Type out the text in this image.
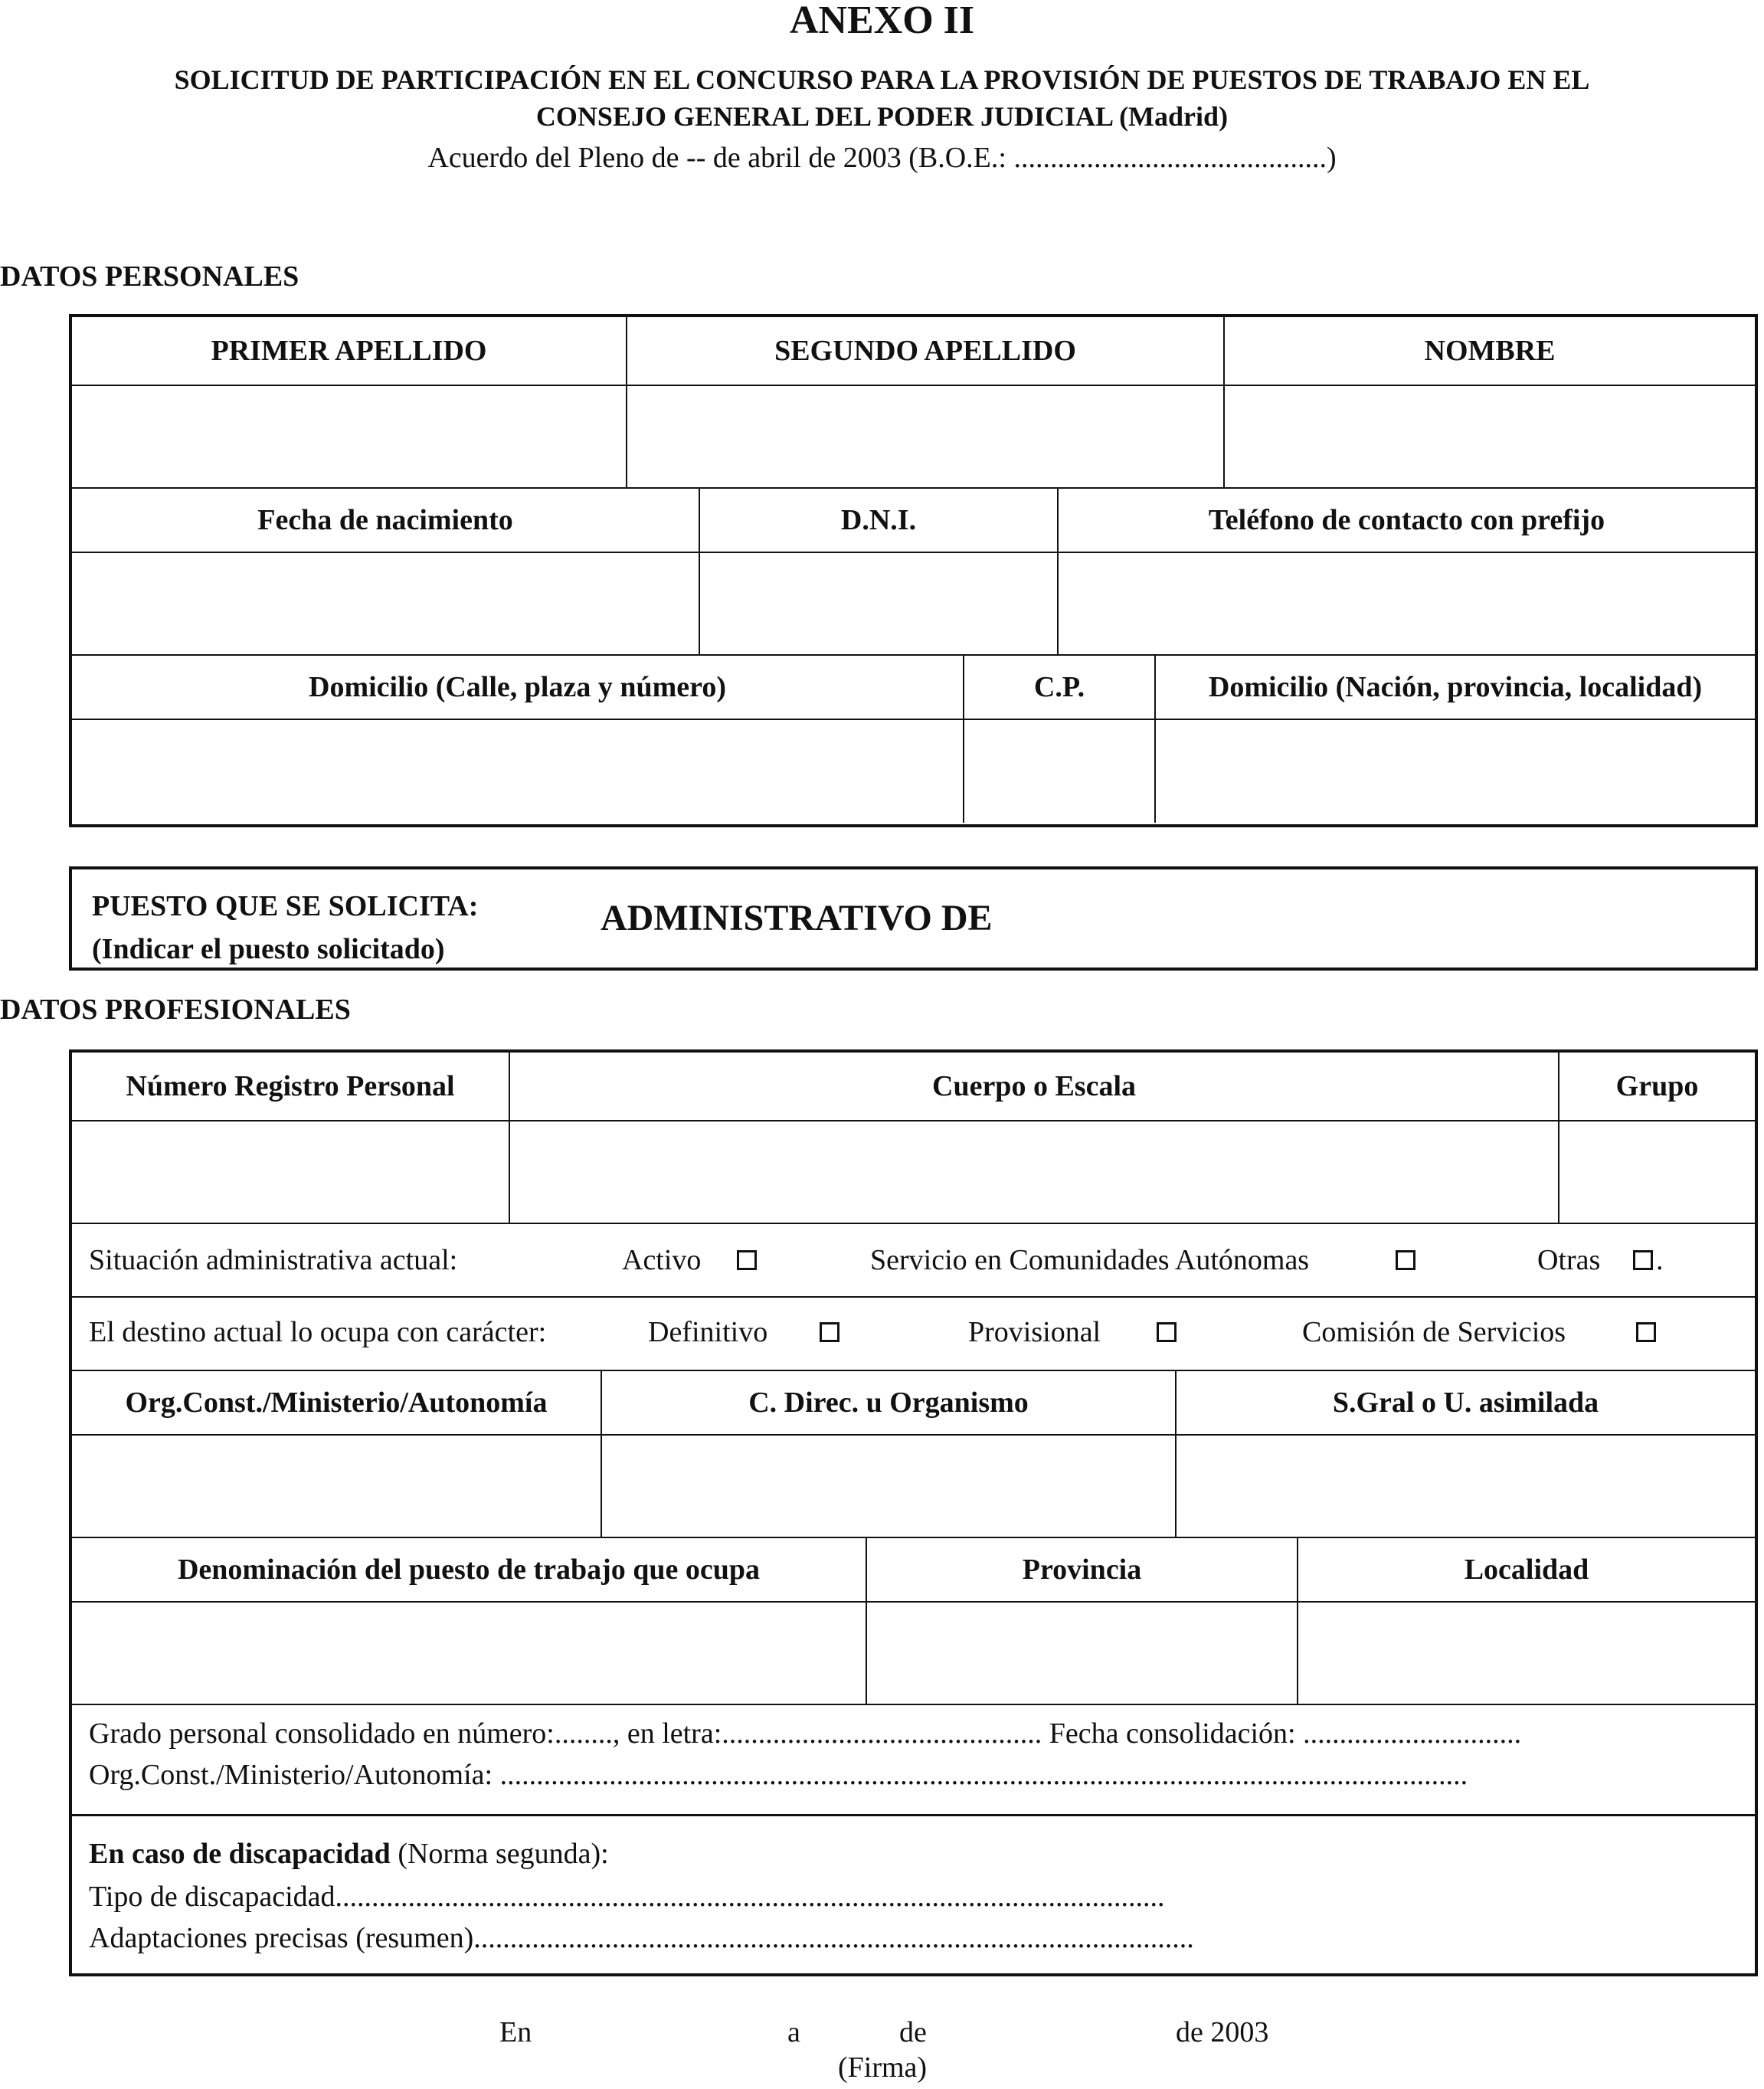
ANEXO II
SOLICITUD DE PARTICIPACIÓN EN EL CONCURSO PARA LA PROVISIÓN DE PUESTOS DE TRABAJO EN EL
CONSEJO GENERAL DEL PODER JUDICIAL (Madrid)
Acuerdo del Pleno de -- de abril de 2003 (B.O.E.: ...........................................)
DATOS PERSONALES
PRIMER APELLIDO	SEGUNDO APELLIDO	NOMBRE
Fecha de nacimiento	D.N.I.	Teléfono de contacto con prefijo
Domicilio (Calle, plaza y número)	C.P.	Domicilio (Nación, provincia, localidad)
PUESTO QUE SE SOLICITA:
(Indicar el puesto solicitado)
ADMINISTRATIVO DE
DATOS PROFESIONALES
Número Registro Personal	Cuerpo o Escala	Grupo
Situación administrativa actual:	Activo	Servicio en Comunidades Autónomas	Otras .
El destino actual lo ocupa con carácter:	Definitivo	Provisional	Comisión de Servicios
Org.Const./Ministerio/Autonomía	C. Direc. u Organismo	S.Gral o U. asimilada
Denominación del puesto de trabajo que ocupa	Provincia	Localidad
Grado personal consolidado en número:........, en letra:............................................ Fecha consolidación: ..............................
Org.Const./Ministerio/Autonomía: .....................................................................................................................................
En caso de discapacidad (Norma segunda):
Tipo de discapacidad..................................................................................................................
Adaptaciones precisas (resumen)...................................................................................................
En	a	de	de 2003
(Firma)
